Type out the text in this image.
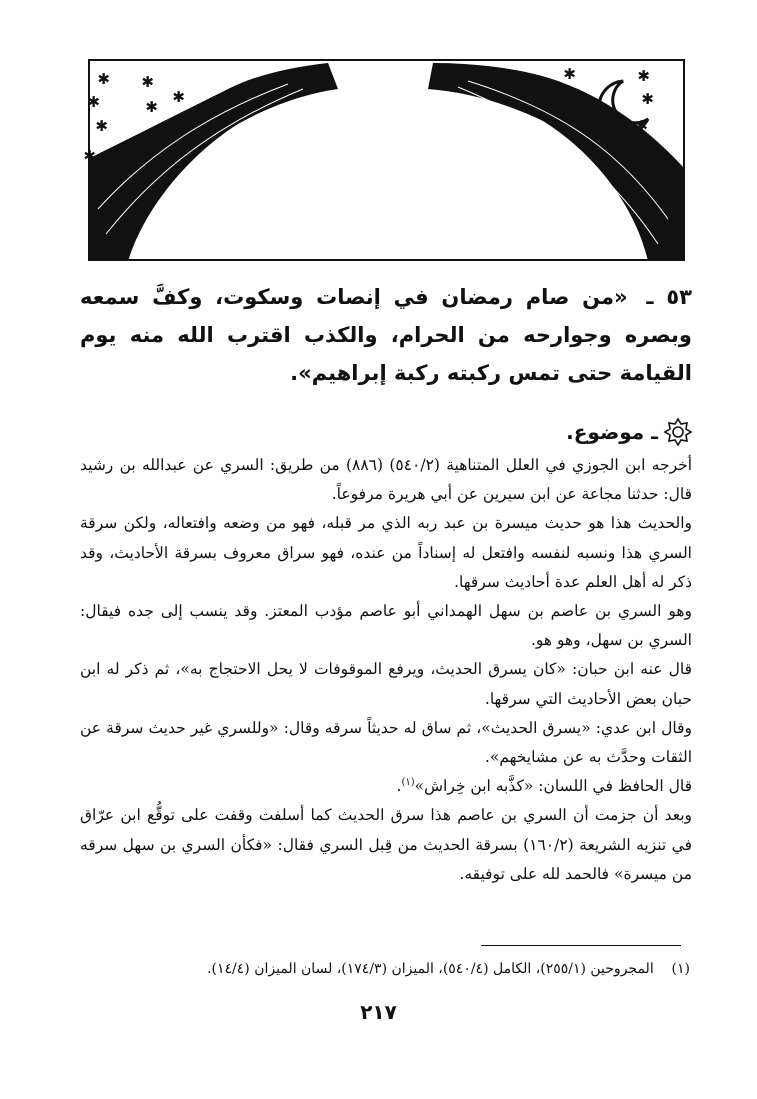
✱ ✱
✱
✱	✱
✱
✱
✱	✱
✱
✱
✱
٥٣ ـ «من صام رمضان في إنصات وسكوت، وكفَّ سمعه وبصره وجوارحه من الحرام، والكذب اقترب الله منه يوم القيامة حتى تمس ركبته ركبة إبراهيم».
ـ موضوع.

أخرجه ابن الجوزي في العلل المتناهية (٥٤٠/٢) (٨٨٦) من طريق: السري عن عبدالله بن رشيد قال: حدثنا مجاعة عن ابن سيرين عن أبي هريرة مرفوعاً.

والحديث هذا هو حديث ميسرة بن عبد ربه الذي مر قبله، فهو من وضعه وافتعاله، ولكن سرقة السري هذا ونسبه لنفسه وافتعل له إسناداً من عنده، فهو سراق معروف بسرقة الأحاديث، وقد ذكر له أهل العلم عدة أحاديث سرقها.

وهو السري بن عاصم بن سهل الهمداني أبو عاصم مؤدب المعتز. وقد ينسب إلى جده فيقال: السري بن سهل، وهو هو.

قال عنه ابن حبان: «كان يسرق الحديث، ويرفع الموقوفات لا يحل الاحتجاج به»، ثم ذكر له ابن حبان بعض الأحاديث التي سرقها.

وقال ابن عدي: «يسرق الحديث»، ثم ساق له حديثاً سرقه وقال: «وللسري غير حديث سرقة عن الثقات وحدَّث به عن مشايخهم».

قال الحافظ في اللسان: «كذَّبه ابن خِراش»$^{(١)}$.

وبعد أن جزمت أن السري بن عاصم هذا سرق الحديث كما أسلفت وقفت على توقُّع ابن عرّاق في تنزيه الشريعة (١٦٠/٢) بسرقة الحديث من قِبل السري فقال: «فكأن السري بن سهل سرقه من ميسرة» فالحمد لله على توفيقه.

(١)    المجروحين (٢٥٥/١)، الكامل (٥٤٠/٤)، الميزان (١٧٤/٣)، لسان الميزان (١٤/٤).
٢١٧
